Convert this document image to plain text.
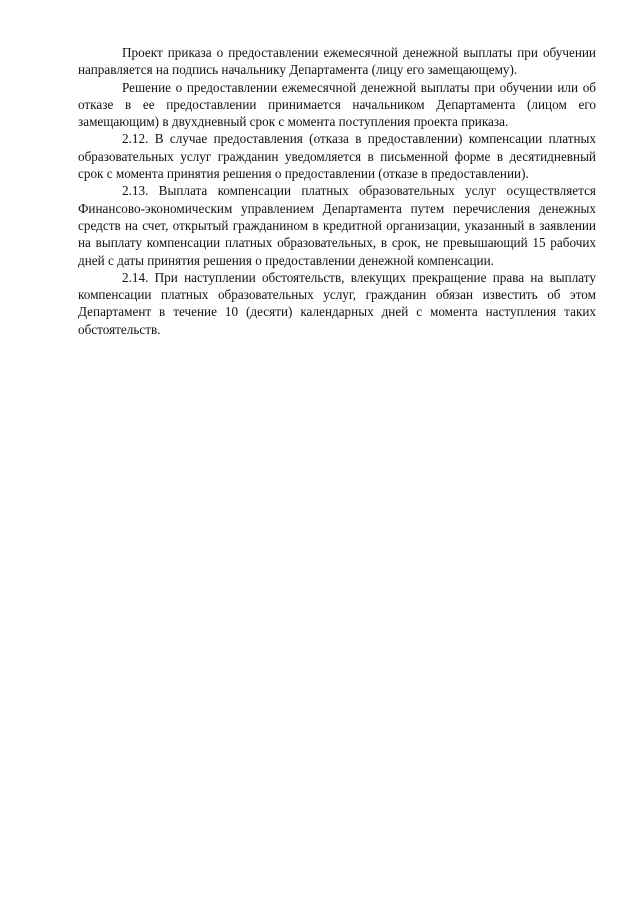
Проект приказа о предоставлении ежемесячной денежной выплаты при обучении направляется на подпись начальнику Департамента (лицу его замещающему).

Решение о предоставлении ежемесячной денежной выплаты при обучении или об отказе в ее предоставлении принимается начальником Департамента (лицом его замещающим) в двухдневный срок с момента поступления проекта приказа.

2.12. В случае предоставления (отказа в предоставлении) компенсации платных образовательных услуг гражданин уведомляется в письменной форме в десятидневный срок с момента принятия решения о предоставлении (отказе в предоставлении).

2.13. Выплата компенсации платных образовательных услуг осуществляется Финансово-экономическим управлением Департамента путем перечисления денежных средств на счет, открытый гражданином в кредитной организации, указанный в заявлении на выплату компенсации платных образовательных, в срок, не превышающий 15 рабочих дней с даты принятия решения о предоставлении денежной компенсации.

2.14. При наступлении обстоятельств, влекущих прекращение права на выплату компенсации платных образовательных услуг, гражданин обязан известить об этом Департамент в течение 10 (десяти) календарных дней с момента наступления таких обстоятельств.
